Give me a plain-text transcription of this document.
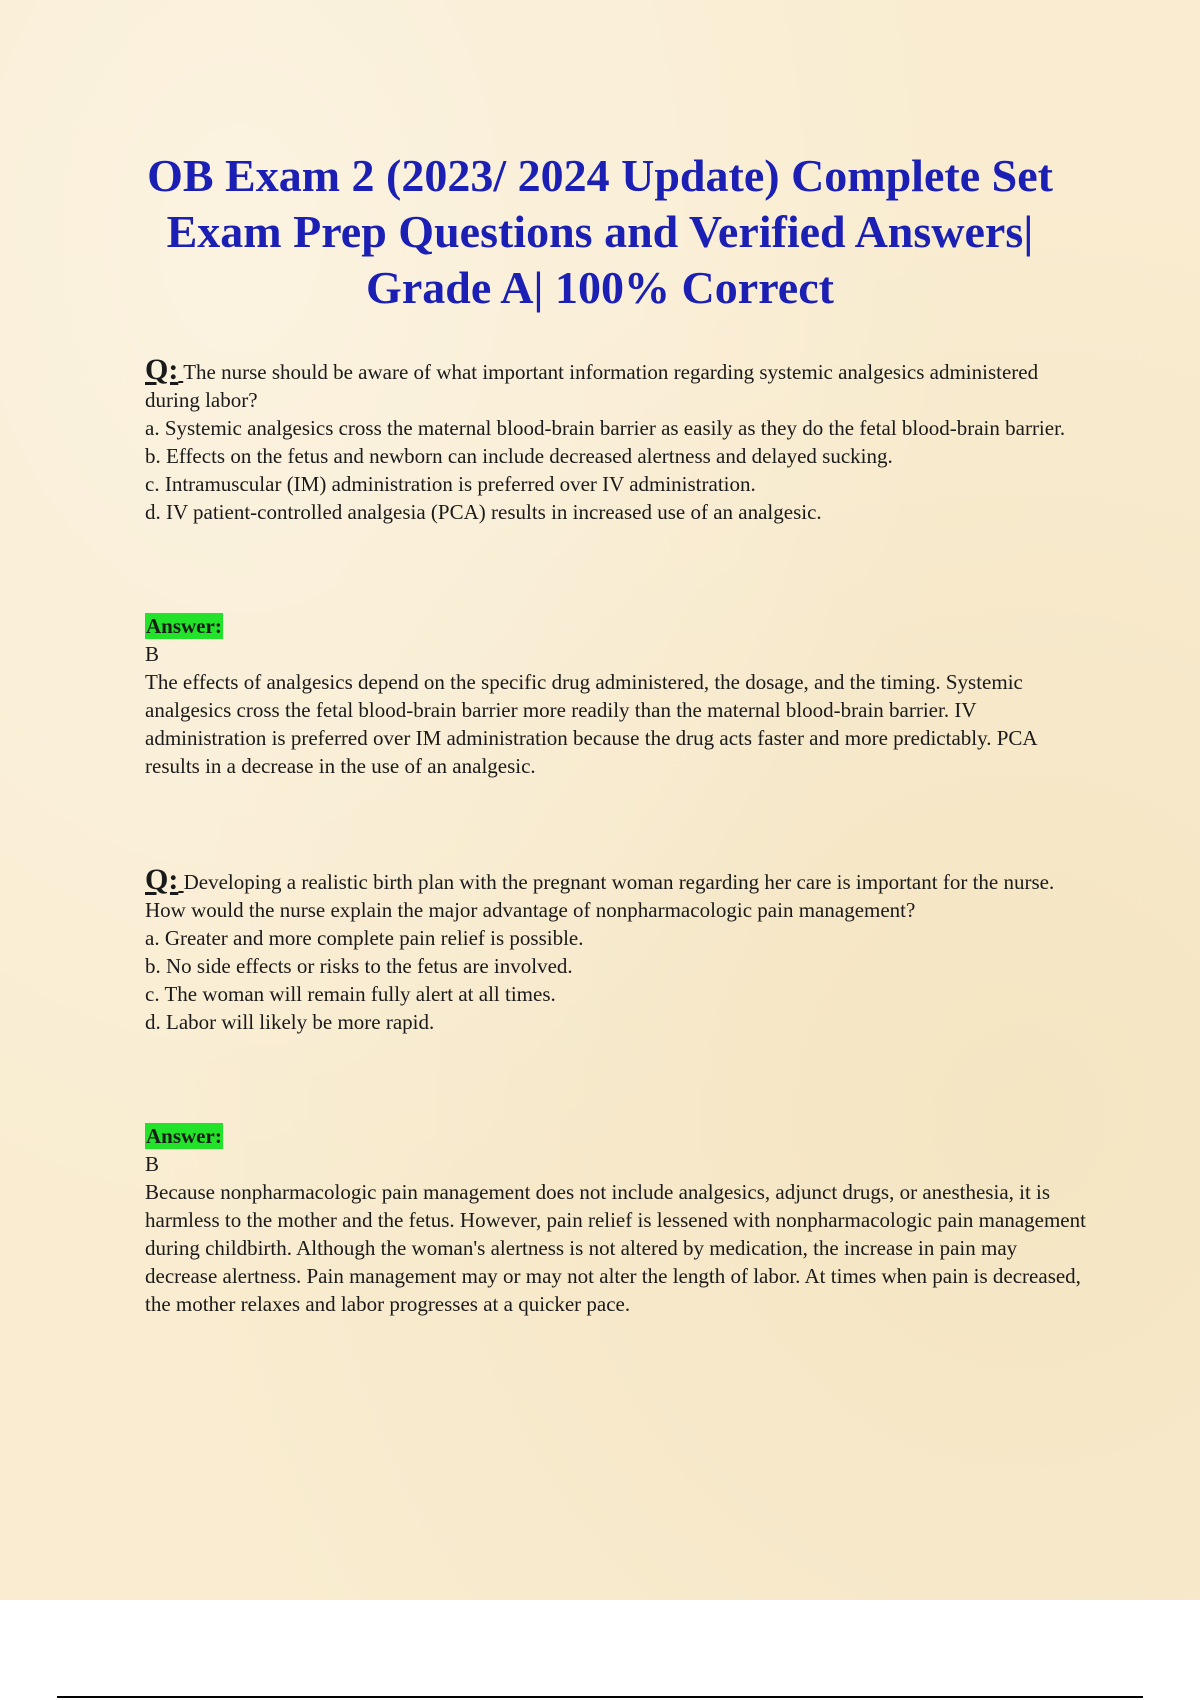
OB Exam 2 (2023/ 2024 Update) Complete Set Exam Prep Questions and Verified Answers| Grade A| 100% Correct
Q: The nurse should be aware of what important information regarding systemic analgesics administered during labor?
a. Systemic analgesics cross the maternal blood-brain barrier as easily as they do the fetal blood-brain barrier.
b. Effects on the fetus and newborn can include decreased alertness and delayed sucking.
c. Intramuscular (IM) administration is preferred over IV administration.
d. IV patient-controlled analgesia (PCA) results in increased use of an analgesic.
Answer:
B
The effects of analgesics depend on the specific drug administered, the dosage, and the timing. Systemic analgesics cross the fetal blood-brain barrier more readily than the maternal blood-brain barrier. IV administration is preferred over IM administration because the drug acts faster and more predictably. PCA results in a decrease in the use of an analgesic.
Q: Developing a realistic birth plan with the pregnant woman regarding her care is important for the nurse. How would the nurse explain the major advantage of nonpharmacologic pain management?
a. Greater and more complete pain relief is possible.
b. No side effects or risks to the fetus are involved.
c. The woman will remain fully alert at all times.
d. Labor will likely be more rapid.
Answer:
B
Because nonpharmacologic pain management does not include analgesics, adjunct drugs, or anesthesia, it is harmless to the mother and the fetus. However, pain relief is lessened with nonpharmacologic pain management during childbirth. Although the woman's alertness is not altered by medication, the increase in pain may decrease alertness. Pain management may or may not alter the length of labor. At times when pain is decreased, the mother relaxes and labor progresses at a quicker pace.
